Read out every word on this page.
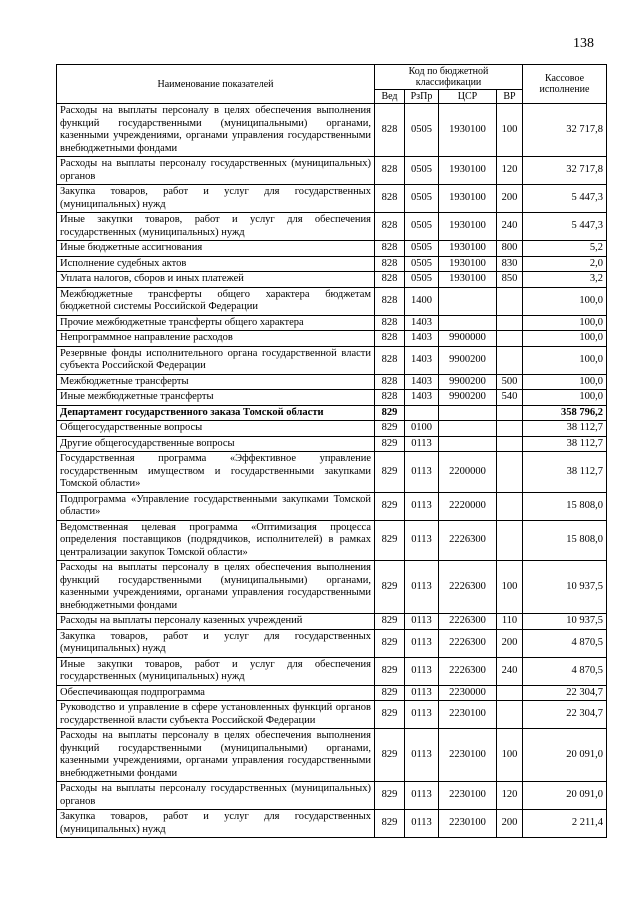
138
Наименование показателей	Код по бюджетной классификации				Кассовое исполнение
	Вед	РзПр	ЦСР	ВР	
Расходы на выплаты персоналу в целях обеспечения выполнения функций государственными (муниципальными) органами, казенными учреждениями, органами управления государственными внебюджетными фондами	828	0505	1930100	100	32 717,8
Расходы на выплаты персоналу государственных (муниципальных) органов	828	0505	1930100	120	32 717,8
Закупка товаров, работ и услуг для государственных (муниципальных) нужд	828	0505	1930100	200	5 447,3
Иные закупки товаров, работ и услуг для обеспечения государственных (муниципальных) нужд	828	0505	1930100	240	5 447,3
Иные бюджетные ассигнования	828	0505	1930100	800	5,2
Исполнение судебных актов	828	0505	1930100	830	2,0
Уплата налогов, сборов и иных платежей	828	0505	1930100	850	3,2
Межбюджетные трансферты общего характера бюджетам бюджетной системы Российской Федерации	828	1400			100,0
Прочие межбюджетные трансферты общего характера	828	1403			100,0
Непрограммное направление расходов	828	1403	9900000		100,0
Резервные фонды исполнительного органа государственной власти субъекта Российской Федерации	828	1403	9900200		100,0
Межбюджетные трансферты	828	1403	9900200	500	100,0
Иные межбюджетные трансферты	828	1403	9900200	540	100,0
Департамент государственного заказа Томской области	829				358 796,2
Общегосударственные вопросы	829	0100			38 112,7
Другие общегосударственные вопросы	829	0113			38 112,7
Государственная программа «Эффективное управление государственным имуществом и государственными закупками Томской области»	829	0113	2200000		38 112,7
Подпрограмма «Управление государственными закупками Томской области»	829	0113	2220000		15 808,0
Ведомственная целевая программа «Оптимизация процесса определения поставщиков (подрядчиков, исполнителей) в рамках централизации закупок Томской области»	829	0113	2226300		15 808,0
Расходы на выплаты персоналу в целях обеспечения выполнения функций государственными (муниципальными) органами, казенными учреждениями, органами управления государственными внебюджетными фондами	829	0113	2226300	100	10 937,5
Расходы на выплаты персоналу казенных учреждений	829	0113	2226300	110	10 937,5
Закупка товаров, работ и услуг для государственных (муниципальных) нужд	829	0113	2226300	200	4 870,5
Иные закупки товаров, работ и услуг для обеспечения государственных (муниципальных) нужд	829	0113	2226300	240	4 870,5
Обеспечивающая подпрограмма	829	0113	2230000		22 304,7
Руководство и управление в сфере установленных функций органов государственной власти субъекта Российской Федерации	829	0113	2230100		22 304,7
Расходы на выплаты персоналу в целях обеспечения выполнения функций государственными (муниципальными) органами, казенными учреждениями, органами управления государственными внебюджетными фондами	829	0113	2230100	100	20 091,0
Расходы на выплаты персоналу государственных (муниципальных) органов	829	0113	2230100	120	20 091,0
Закупка товаров, работ и услуг для государственных (муниципальных) нужд	829	0113	2230100	200	2 211,4
